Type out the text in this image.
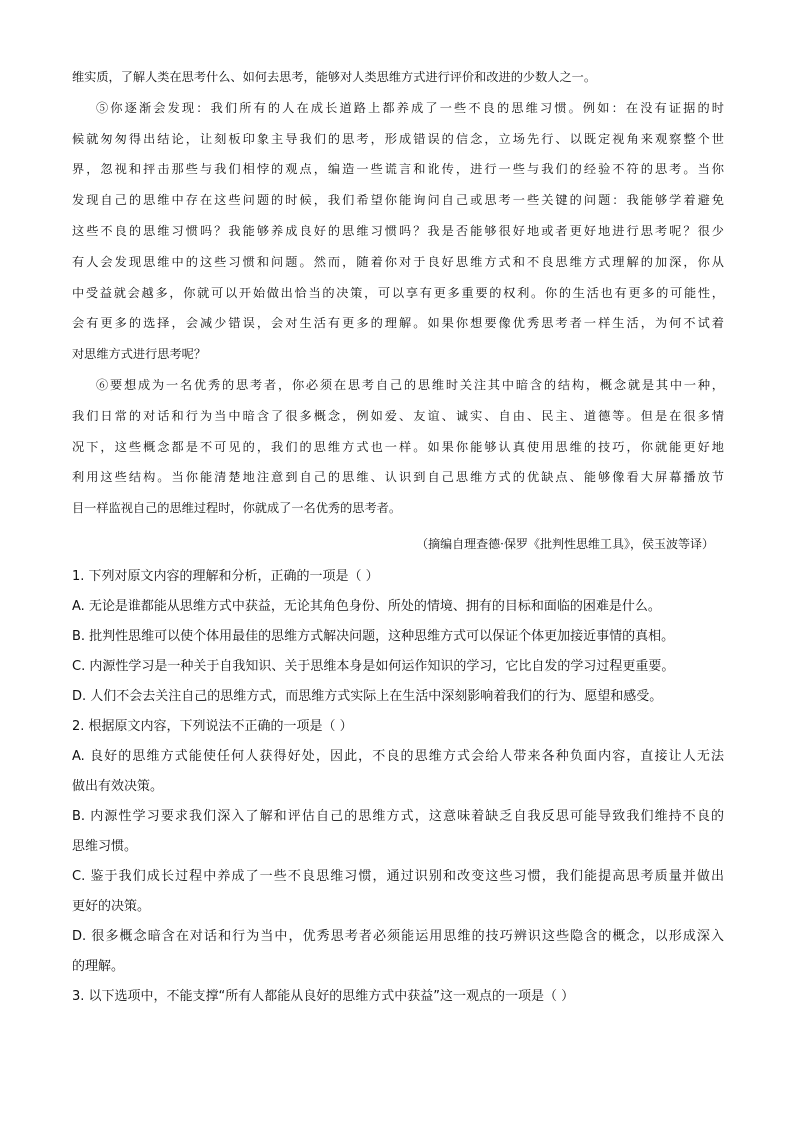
维实质，了解人类在思考什么、如何去思考，能够对人类思维方式进行评价和改进的少数人之一。
⑤你逐渐会发现：我们所有的人在成长道路上都养成了一些不良的思维习惯。例如：在没有证据的时
候就匆匆得出结论，让刻板印象主导我们的思考，形成错误的信念，立场先行、以既定视角来观察整个世
界，忽视和抨击那些与我们相悖的观点，编造一些谎言和讹传，进行一些与我们的经验不符的思考。当你
发现自己的思维中存在这些问题的时候，我们希望你能询问自己或思考一些关键的问题：我能够学着避免
这些不良的思维习惯吗？我能够养成良好的思维习惯吗？我是否能够很好地或者更好地进行思考呢？很少
有人会发现思维中的这些习惯和问题。然而，随着你对于良好思维方式和不良思维方式理解的加深，你从
中受益就会越多，你就可以开始做出恰当的决策，可以享有更多重要的权利。你的生活也有更多的可能性，
会有更多的选择，会减少错误，会对生活有更多的理解。如果你想要像优秀思考者一样生活，为何不试着
对思维方式进行思考呢？
⑥要想成为一名优秀的思考者，你必须在思考自己的思维时关注其中暗含的结构，概念就是其中一种，
我们日常的对话和行为当中暗含了很多概念，例如爱、友谊、诚实、自由、民主、道德等。但是在很多情
况下，这些概念都是不可见的，我们的思维方式也一样。如果你能够认真使用思维的技巧，你就能更好地
利用这些结构。当你能清楚地注意到自己的思维、认识到自己思维方式的优缺点、能够像看大屏幕播放节
目一样监视自己的思维过程时，你就成了一名优秀的思考者。
（摘编自理查德·保罗《批判性思维工具》，侯玉波等译）
1. 下列对原文内容的理解和分析，正确的一项是（ ）
A. 无论是谁都能从思维方式中获益，无论其角色身份、所处的情境、拥有的目标和面临的困难是什么。
B. 批判性思维可以使个体用最佳的思维方式解决问题，这种思维方式可以保证个体更加接近事情的真相。
C. 内源性学习是一种关于自我知识、关于思维本身是如何运作知识的学习，它比自发的学习过程更重要。
D. 人们不会去关注自己的思维方式，而思维方式实际上在生活中深刻影响着我们的行为、愿望和感受。
2. 根据原文内容，下列说法不正确的一项是（ ）
A. 良好的思维方式能使任何人获得好处，因此，不良的思维方式会给人带来各种负面内容，直接让人无法
做出有效决策。
B. 内源性学习要求我们深入了解和评估自己的思维方式，这意味着缺乏自我反思可能导致我们维持不良的
思维习惯。
C. 鉴于我们成长过程中养成了一些不良思维习惯，通过识别和改变这些习惯，我们能提高思考质量并做出
更好的决策。
D. 很多概念暗含在对话和行为当中，优秀思考者必须能运用思维的技巧辨识这些隐含的概念，以形成深入
的理解。
3. 以下选项中，不能支撑“所有人都能从良好的思维方式中获益”这一观点的一项是（ ）
